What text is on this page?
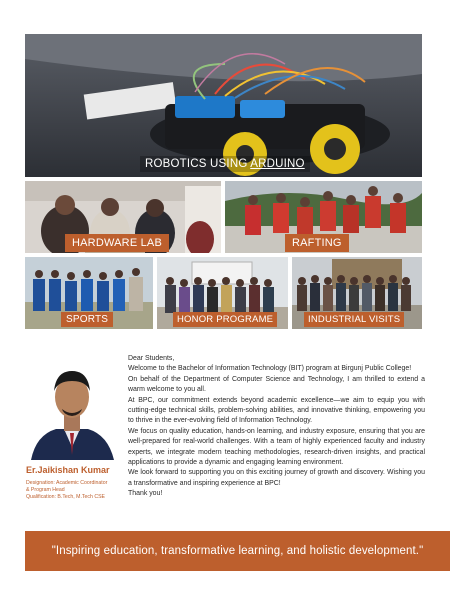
ROBOTICS USING ARDUINO
HARDWARE LAB	RAFTING
SPORTS	HONOR PROGRAME	INDUSTRIAL VISITS
Er.Jaikishan Kumar
Designation: Academic Coordinator
& Program Head
Qualification: B.Tech, M.Tech CSE

Dear Students,

Welcome to the Bachelor of Information Technology (BIT) program at Birgunj Public College!

On behalf of the Department of Computer Science and Technology, I am thrilled to extend a warm welcome to you all.

At BPC, our commitment extends beyond academic excellence—we aim to equip you with cutting-edge technical skills, problem-solving abilities, and innovative thinking, empowering you to thrive in the ever-evolving field of Information Technology.

We focus on quality education, hands-on learning, and industry exposure, ensuring that you are well-prepared for real-world challenges. With a team of highly experienced faculty and industry experts, we integrate modern teaching methodologies, research-driven insights, and practical applications to provide a dynamic and engaging learning environment.

We look forward to supporting you on this exciting journey of growth and discovery. Wishing you a transformative and inspiring experience at BPC!

Thank you!

"Inspiring education, transformative learning, and holistic development."
